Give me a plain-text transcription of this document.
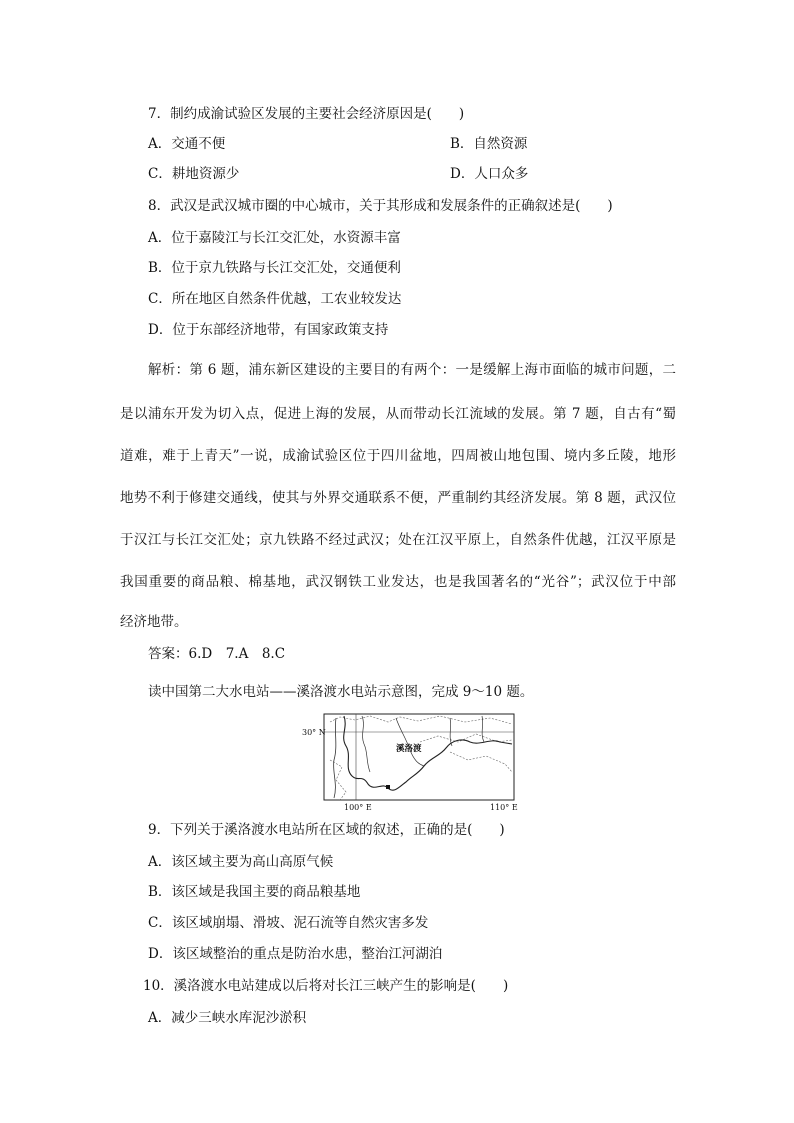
7．制约成渝试验区发展的主要社会经济原因是(　　)
A．交通不便	B．自然资源
C．耕地资源少	D．人口众多
8．武汉是武汉城市圈的中心城市，关于其形成和发展条件的正确叙述是(　　)
A．位于嘉陵江与长江交汇处，水资源丰富
B．位于京九铁路与长江交汇处，交通便利
C．所在地区自然条件优越，工农业较发达
D．位于东部经济地带，有国家政策支持
解析：第 6 题，浦东新区建设的主要目的有两个：一是缓解上海市面临的城市问题，二
是以浦东开发为切入点，促进上海的发展，从而带动长江流域的发展。第 7 题，自古有“蜀
道难，难于上青天”一说，成渝试验区位于四川盆地，四周被山地包围、境内多丘陵，地形
地势不利于修建交通线，使其与外界交通联系不便，严重制约其经济发展。第 8 题，武汉位
于汉江与长江交汇处；京九铁路不经过武汉；处在江汉平原上，自然条件优越，江汉平原是
我国重要的商品粮、棉基地，武汉钢铁工业发达，也是我国著名的“光谷”；武汉位于中部
经济地带。
答案：6.D　7.A　8.C
读中国第二大水电站——溪洛渡水电站示意图，完成 9～10 题。
30° N
100° E	110° E
溪洛渡
9．下列关于溪洛渡水电站所在区域的叙述，正确的是(　　)
A．该区域主要为高山高原气候
B．该区域是我国主要的商品粮基地
C．该区域崩塌、滑坡、泥石流等自然灾害多发
D．该区域整治的重点是防治水患，整治江河湖泊
10．溪洛渡水电站建成以后将对长江三峡产生的影响是(　　)
A．减少三峡水库泥沙淤积
